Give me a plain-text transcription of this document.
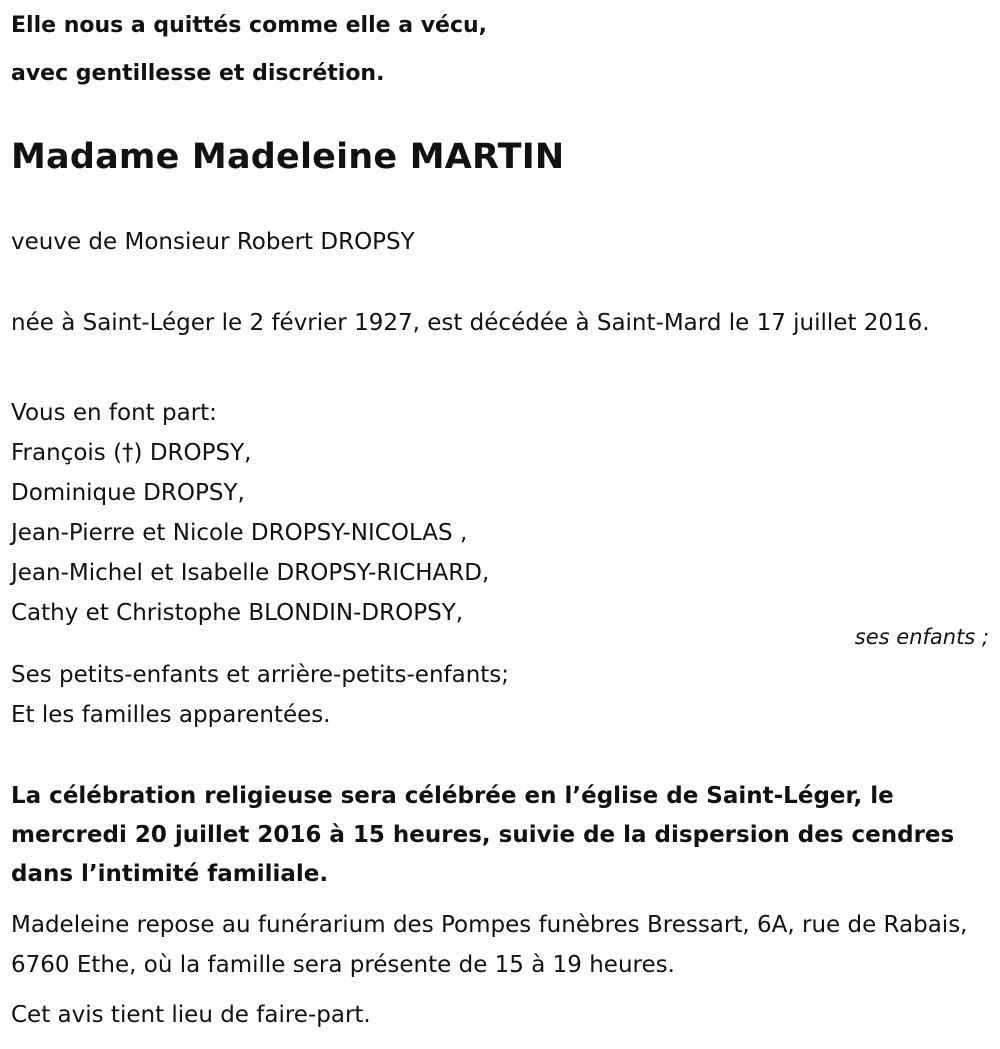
Elle nous a quittés comme elle a vécu,
avec gentillesse et discrétion.
Madame Madeleine MARTIN

veuve de Monsieur Robert DROPSY

née à Saint-Léger le 2 février 1927, est décédée à Saint-Mard le 17 juillet 2016.

Vous en font part:
François (†) DROPSY,
Dominique DROPSY,
Jean-Pierre et Nicole DROPSY-NICOLAS ,
Jean-Michel et Isabelle DROPSY-RICHARD,
Cathy et Christophe BLONDIN-DROPSY,

ses enfants ;

Ses petits-enfants et arrière-petits-enfants;
Et les familles apparentées.

La célébration religieuse sera célébrée en l’église de Saint-Léger, le mercredi 20 juillet 2016 à 15 heures, suivie de la dispersion des cendres dans l’intimité familiale.

Madeleine repose au funérarium des Pompes funèbres Bressart, 6A, rue de Rabais, 6760 Ethe, où la famille sera présente de 15 à 19 heures.

Cet avis tient lieu de faire-part.
